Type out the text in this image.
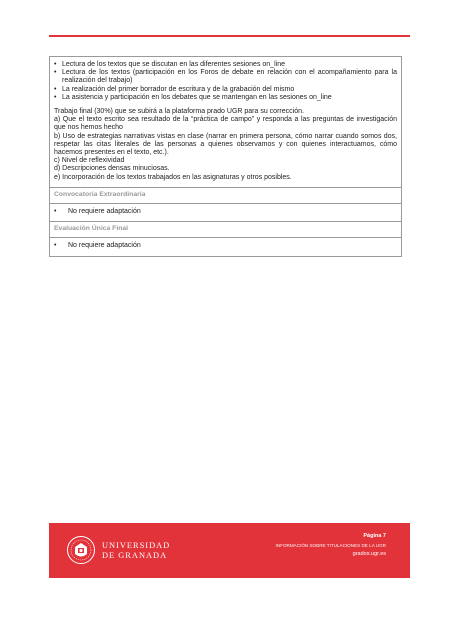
• Lectura de los textos que se discutan en las diferentes sesiones on_line
• Lectura de los textos (participación en los Foros de debate en relación con el acompañamiento para la realización del trabajo)
• La realización del primer borrador de escritura y de la grabación del mismo
• La asistencia y participación en los debates que se mantengan en las sesiones on_line
Trabajo final (30%) que se subirá a la plataforma prado UGR para su corrección.
a) Que el texto escrito sea resultado de la “práctica de campo” y responda a las preguntas de investigación que nos hemos hecho
b) Uso de estrategias narrativas vistas en clase (narrar en primera persona, cómo narrar cuando somos dos, respetar las citas literales de las personas a quienes observamos y con quienes interactuamos, cómo hacemos presentes en el texto, etc.).
c) Nivel de reflexividad
d) Descripciones densas minuciosas.
e) Incorporación de los textos trabajados en las asignaturas y otros posibles.
Convocatoria Extraordinaria
•	No requiere adaptación
Evaluación Única Final
•	No requiere adaptación
UNIVERSIDAD
DE GRANADA
Página 7
INFORMACIÓN SOBRE TITULACIONES DE LA UGR
grados.ugr.es
